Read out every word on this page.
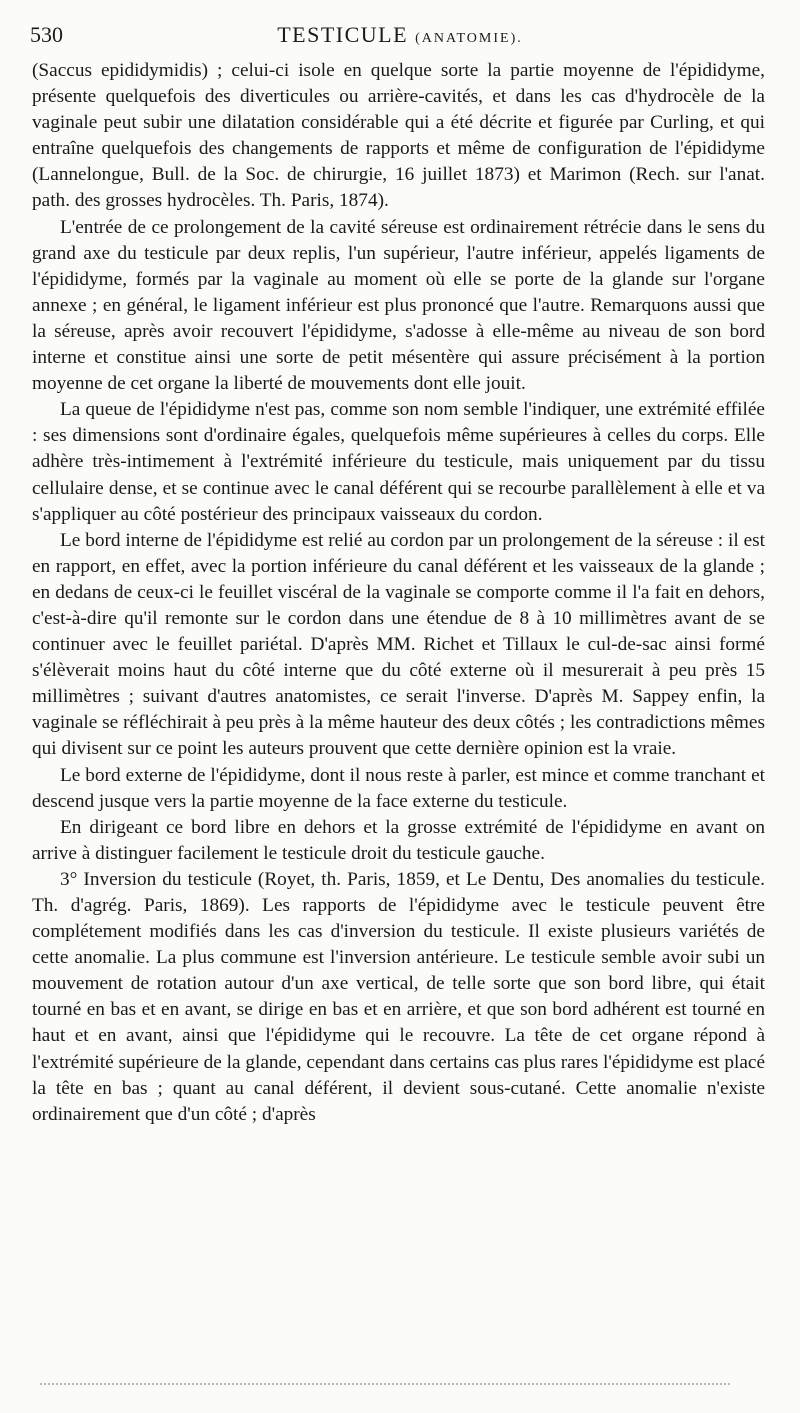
530	TESTICULE (ANATOMIE).

(Saccus epididymidis) ; celui-ci isole en quelque sorte la partie moyenne de l'épididyme, présente quelquefois des diverticules ou arrière-cavités, et dans les cas d'hydrocèle de la vaginale peut subir une dilatation considérable qui a été décrite et figurée par Curling, et qui entraîne quelquefois des changements de rapports et même de configuration de l'épididyme (Lannelongue, Bull. de la Soc. de chirurgie, 16 juillet 1873) et Marimon (Rech. sur l'anat. path. des grosses hydrocèles. Th. Paris, 1874).

L'entrée de ce prolongement de la cavité séreuse est ordinairement rétrécie dans le sens du grand axe du testicule par deux replis, l'un supérieur, l'autre inférieur, appelés ligaments de l'épididyme, formés par la vaginale au moment où elle se porte de la glande sur l'organe annexe ; en général, le ligament inférieur est plus prononcé que l'autre. Remarquons aussi que la séreuse, après avoir recouvert l'épididyme, s'adosse à elle-même au niveau de son bord interne et constitue ainsi une sorte de petit mésentère qui assure précisément à la portion moyenne de cet organe la liberté de mouvements dont elle jouit.

La queue de l'épididyme n'est pas, comme son nom semble l'indiquer, une extrémité effilée : ses dimensions sont d'ordinaire égales, quelquefois même supérieures à celles du corps. Elle adhère très-intimement à l'extrémité inférieure du testicule, mais uniquement par du tissu cellulaire dense, et se continue avec le canal déférent qui se recourbe parallèlement à elle et va s'appliquer au côté postérieur des principaux vaisseaux du cordon.

Le bord interne de l'épididyme est relié au cordon par un prolongement de la séreuse : il est en rapport, en effet, avec la portion inférieure du canal déférent et les vaisseaux de la glande ; en dedans de ceux-ci le feuillet viscéral de la vaginale se comporte comme il l'a fait en dehors, c'est-à-dire qu'il remonte sur le cordon dans une étendue de 8 à 10 millimètres avant de se continuer avec le feuillet pariétal. D'après MM. Richet et Tillaux le cul-de-sac ainsi formé s'élèverait moins haut du côté interne que du côté externe où il mesurerait à peu près 15 millimètres ; suivant d'autres anatomistes, ce serait l'inverse. D'après M. Sappey enfin, la vaginale se réfléchirait à peu près à la même hauteur des deux côtés ; les contradictions mêmes qui divisent sur ce point les auteurs prouvent que cette dernière opinion est la vraie.

Le bord externe de l'épididyme, dont il nous reste à parler, est mince et comme tranchant et descend jusque vers la partie moyenne de la face externe du testicule.

En dirigeant ce bord libre en dehors et la grosse extrémité de l'épididyme en avant on arrive à distinguer facilement le testicule droit du testicule gauche.

3° Inversion du testicule (Royet, th. Paris, 1859, et Le Dentu, Des anomalies du testicule. Th. d'agrég. Paris, 1869). Les rapports de l'épididyme avec le testicule peuvent être complétement modifiés dans les cas d'inversion du testicule. Il existe plusieurs variétés de cette anomalie. La plus commune est l'inversion antérieure. Le testicule semble avoir subi un mouvement de rotation autour d'un axe vertical, de telle sorte que son bord libre, qui était tourné en bas et en avant, se dirige en bas et en arrière, et que son bord adhérent est tourné en haut et en avant, ainsi que l'épididyme qui le recouvre. La tête de cet organe répond à l'extrémité supérieure de la glande, cependant dans certains cas plus rares l'épididyme est placé la tête en bas ; quant au canal déférent, il devient sous-cutané. Cette anomalie n'existe ordinairement que d'un côté ; d'après
